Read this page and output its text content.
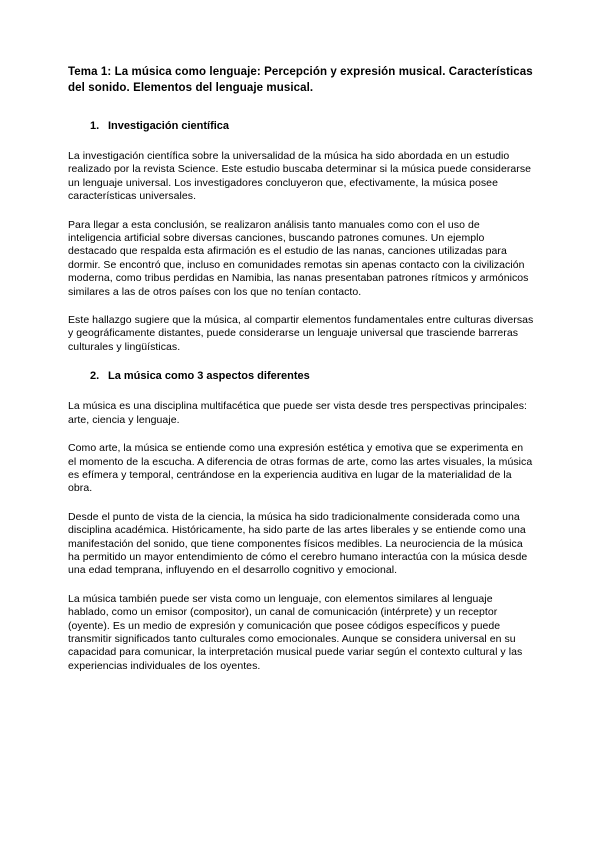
Tema 1: La música como lenguaje: Percepción y expresión musical. Características del sonido. Elementos del lenguaje musical.
1. Investigación científica

La investigación científica sobre la universalidad de la música ha sido abordada en un estudio realizado por la revista Science. Este estudio buscaba determinar si la música puede considerarse un lenguaje universal. Los investigadores concluyeron que, efectivamente, la música posee características universales.

Para llegar a esta conclusión, se realizaron análisis tanto manuales como con el uso de inteligencia artificial sobre diversas canciones, buscando patrones comunes. Un ejemplo destacado que respalda esta afirmación es el estudio de las nanas, canciones utilizadas para dormir. Se encontró que, incluso en comunidades remotas sin apenas contacto con la civilización moderna, como tribus perdidas en Namibia, las nanas presentaban patrones rítmicos y armónicos similares a las de otros países con los que no tenían contacto.

Este hallazgo sugiere que la música, al compartir elementos fundamentales entre culturas diversas y geográficamente distantes, puede considerarse un lenguaje universal que trasciende barreras culturales y lingüísticas.

2. La música como 3 aspectos diferentes

La música es una disciplina multifacética que puede ser vista desde tres perspectivas principales: arte, ciencia y lenguaje.

Como arte, la música se entiende como una expresión estética y emotiva que se experimenta en el momento de la escucha. A diferencia de otras formas de arte, como las artes visuales, la música es efímera y temporal, centrándose en la experiencia auditiva en lugar de la materialidad de la obra.

Desde el punto de vista de la ciencia, la música ha sido tradicionalmente considerada como una disciplina académica. Históricamente, ha sido parte de las artes liberales y se entiende como una manifestación del sonido, que tiene componentes físicos medibles. La neurociencia de la música ha permitido un mayor entendimiento de cómo el cerebro humano interactúa con la música desde una edad temprana, influyendo en el desarrollo cognitivo y emocional.

La música también puede ser vista como un lenguaje, con elementos similares al lenguaje hablado, como un emisor (compositor), un canal de comunicación (intérprete) y un receptor (oyente). Es un medio de expresión y comunicación que posee códigos específicos y puede transmitir significados tanto culturales como emocionales. Aunque se considera universal en su capacidad para comunicar, la interpretación musical puede variar según el contexto cultural y las experiencias individuales de los oyentes.
